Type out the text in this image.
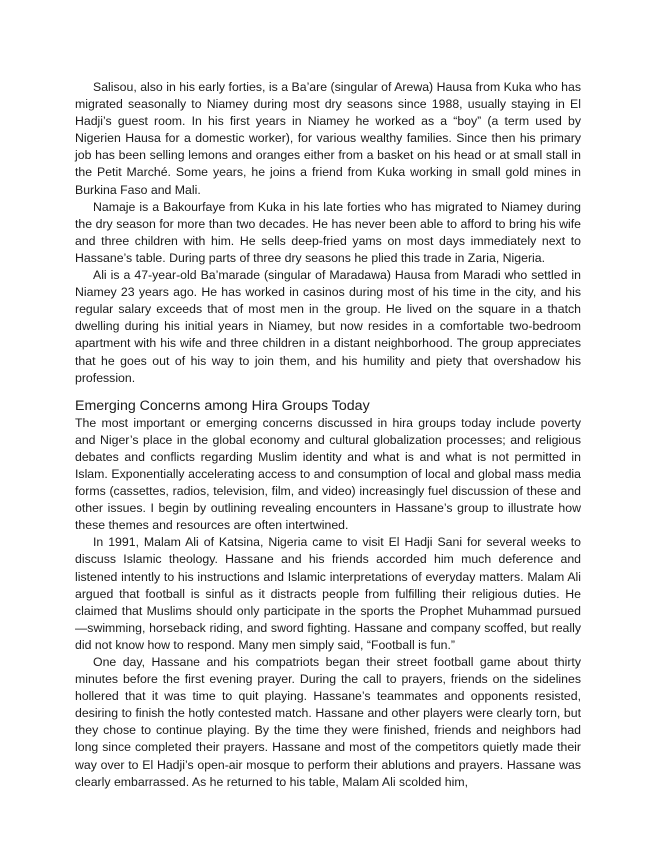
Salisou, also in his early forties, is a Ba’are (singular of Arewa) Hausa from Kuka who has migrated seasonally to Niamey during most dry seasons since 1988, usually staying in El Hadji’s guest room. In his first years in Niamey he worked as a “boy” (a term used by Nigerien Hausa for a domestic worker), for various wealthy families. Since then his primary job has been selling lemons and oranges either from a basket on his head or at small stall in the Petit Marché. Some years, he joins a friend from Kuka working in small gold mines in Burkina Faso and Mali.

Namaje is a Bakourfaye from Kuka in his late forties who has migrated to Niamey during the dry season for more than two decades. He has never been able to afford to bring his wife and three children with him. He sells deep-fried yams on most days immediately next to Hassane’s table. During parts of three dry seasons he plied this trade in Zaria, Nigeria.

Ali is a 47-year-old Ba’marade (singular of Maradawa) Hausa from Maradi who settled in Niamey 23 years ago. He has worked in casinos during most of his time in the city, and his regular salary exceeds that of most men in the group. He lived on the square in a thatch dwelling during his initial years in Niamey, but now resides in a comfortable two-bedroom apartment with his wife and three children in a distant neighborhood. The group appreciates that he goes out of his way to join them, and his humility and piety that overshadow his profession.

Emerging Concerns among Hira Groups Today

The most important or emerging concerns discussed in hira groups today include poverty and Niger’s place in the global economy and cultural globalization processes; and religious debates and conflicts regarding Muslim identity and what is and what is not permitted in Islam. Exponentially accelerating access to and consumption of local and global mass media forms (cassettes, radios, television, film, and video) increasingly fuel discussion of these and other issues. I begin by outlining revealing encounters in Hassane’s group to illustrate how these themes and resources are often intertwined.

In 1991, Malam Ali of Katsina, Nigeria came to visit El Hadji Sani for several weeks to discuss Islamic theology. Hassane and his friends accorded him much deference and listened intently to his instructions and Islamic interpretations of everyday matters. Malam Ali argued that football is sinful as it distracts people from fulfilling their religious duties. He claimed that Muslims should only participate in the sports the Prophet Muhammad pursued—swimming, horseback riding, and sword fighting. Hassane and company scoffed, but really did not know how to respond. Many men simply said, “Football is fun.”

One day, Hassane and his compatriots began their street football game about thirty minutes before the first evening prayer. During the call to prayers, friends on the sidelines hollered that it was time to quit playing. Hassane’s teammates and opponents resisted, desiring to finish the hotly contested match. Hassane and other players were clearly torn, but they chose to continue playing. By the time they were finished, friends and neighbors had long since completed their prayers. Hassane and most of the competitors quietly made their way over to El Hadji’s open-air mosque to perform their ablutions and prayers. Hassane was clearly embarrassed. As he returned to his table, Malam Ali scolded him,
